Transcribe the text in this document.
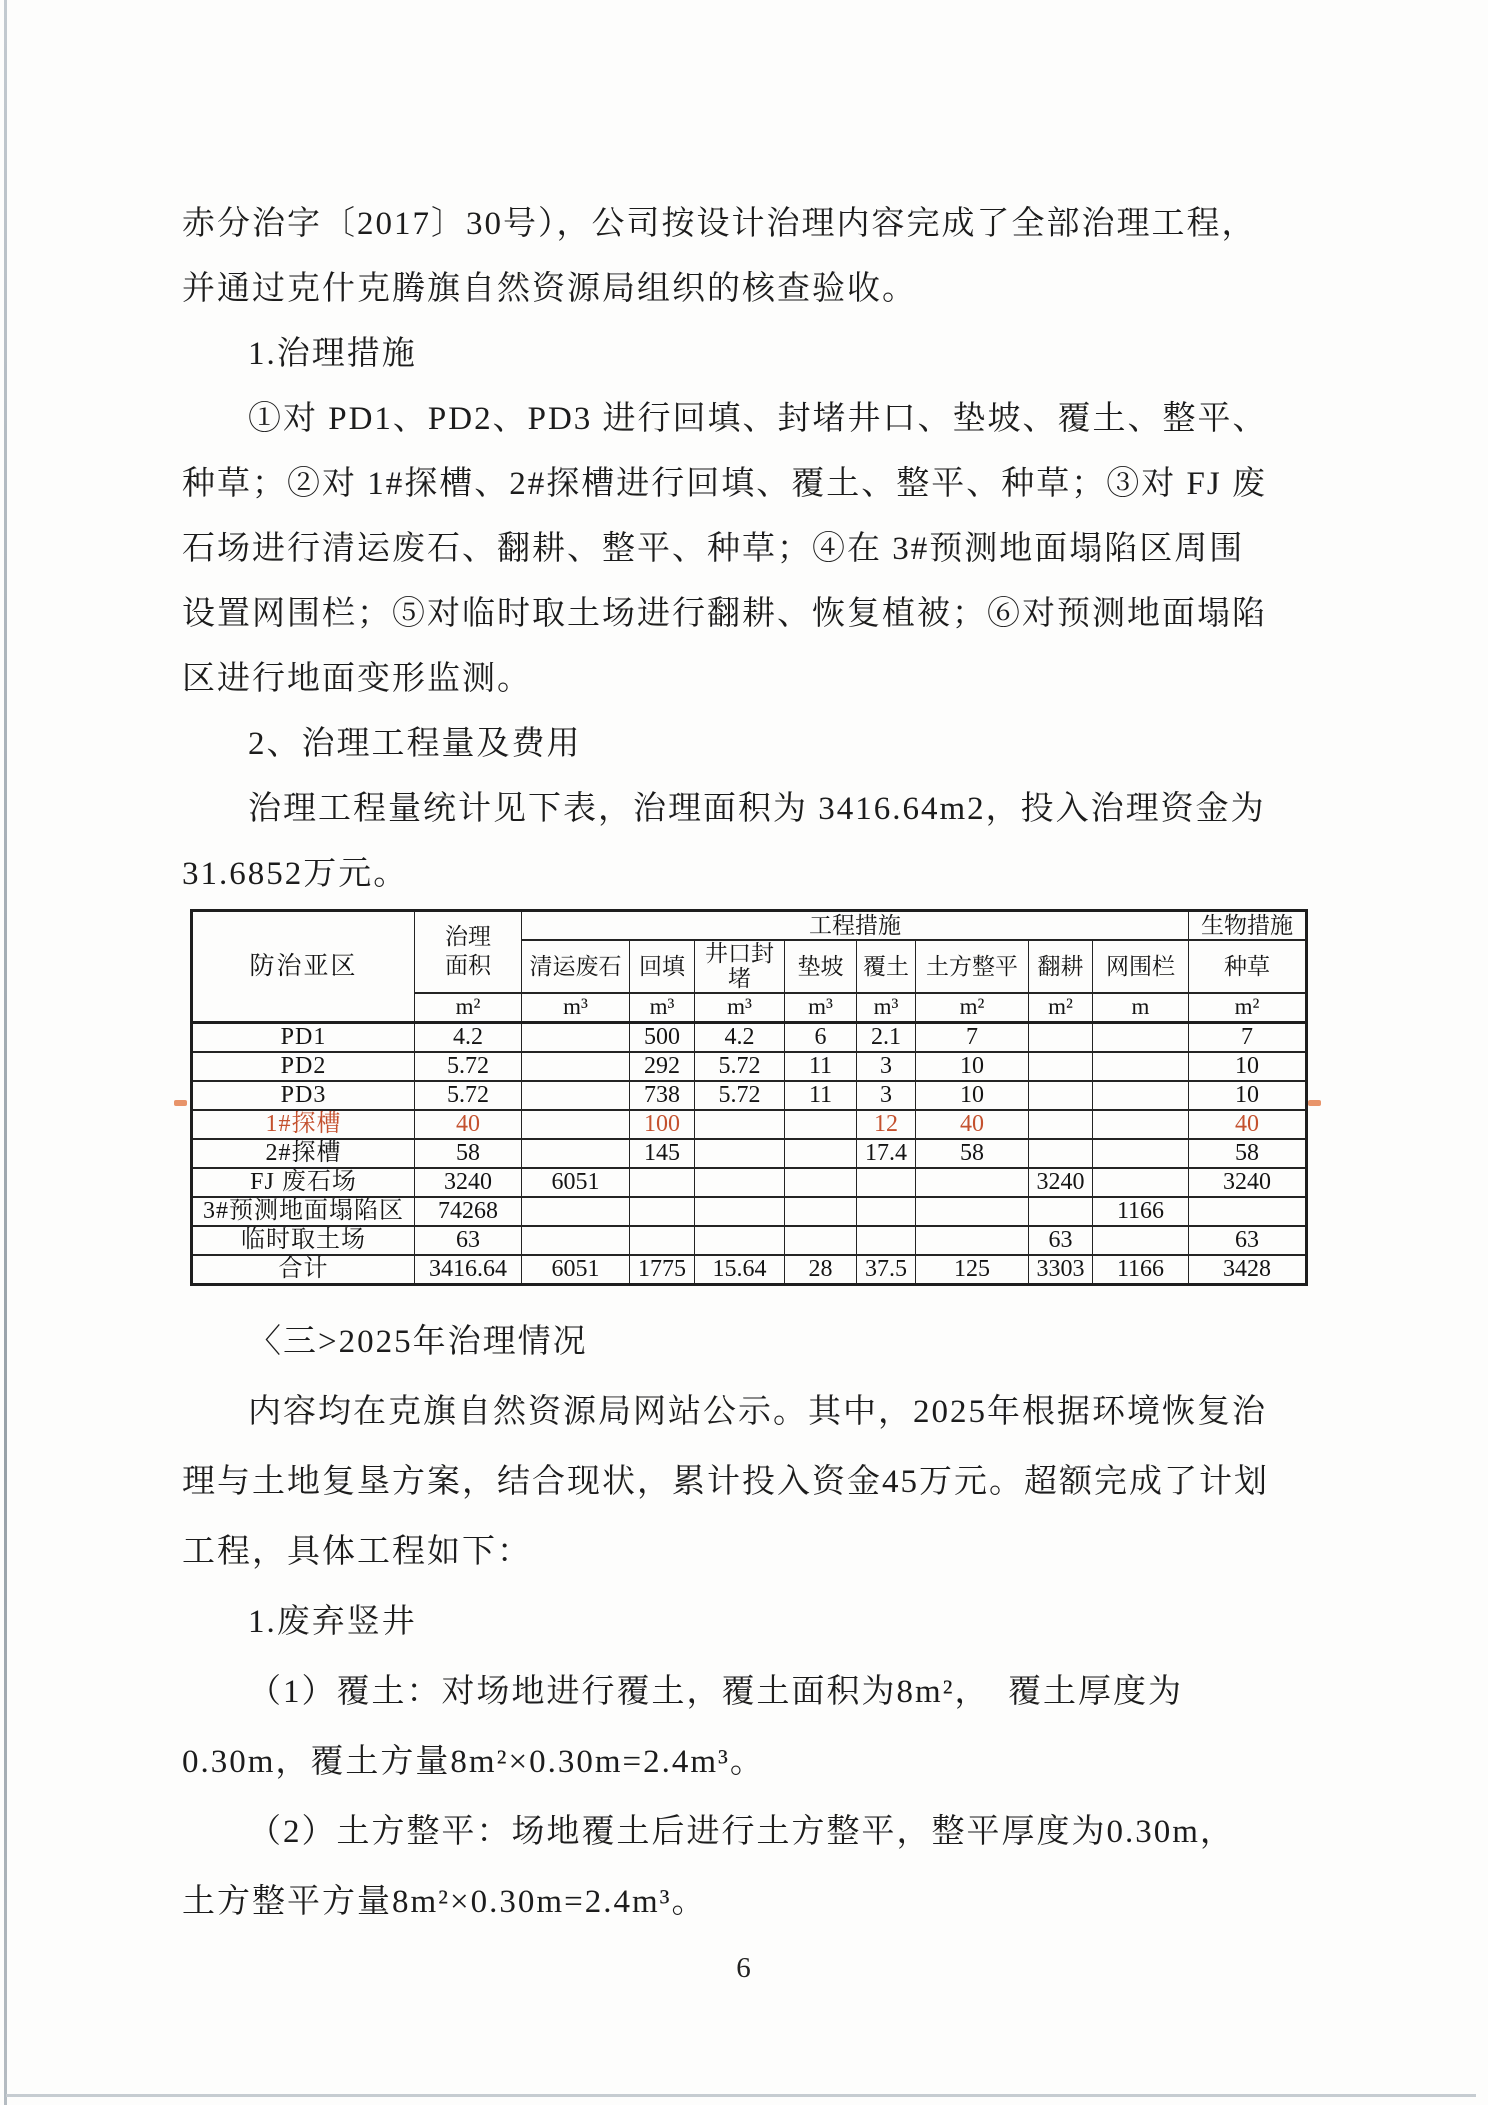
赤分治字〔2017〕30号），公司按设计治理内容完成了全部治理工程，
并通过克什克腾旗自然资源局组织的核查验收。
1.治理措施
①对 PD1、PD2、PD3 进行回填、封堵井口、垫坡、覆土、整平、
种草；②对 1#探槽、2#探槽进行回填、覆土、整平、种草；③对 FJ 废
石场进行清运废石、翻耕、整平、种草；④在 3#预测地面塌陷区周围
设置网围栏；⑤对临时取土场进行翻耕、恢复植被；⑥对预测地面塌陷
区进行地面变形监测。
2、治理工程量及费用
治理工程量统计见下表，治理面积为 3416.64m2，投入治理资金为
31.6852万元。
防治亚区	治理面积	工程措施								生物措施
		清运废石	回填	井口封堵	垫坡	覆土	土方整平	翻耕	网围栏	种草
	m²	m³	m³	m³	m³	m³	m²	m²	m	m²
PD1	4.2		500	4.2	6	2.1	7			7
PD2	5.72		292	5.72	11	3	10			10
PD3	5.72		738	5.72	11	3	10			10
1#探槽	40		100			12	40			40
2#探槽	58		145			17.4	58			58
FJ 废石场	3240	6051						3240		3240
3#预测地面塌陷区	74268								1166	
临时取土场	63							63		63
合计	3416.64	6051	1775	15.64	28	37.5	125	3303	1166	3428
〈三>2025年治理情况
内容均在克旗自然资源局网站公示。其中，2025年根据环境恢复治
理与土地复垦方案，结合现状，累计投入资金45万元。超额完成了计划
工程，具体工程如下：
1.废弃竖井
（1）覆土：对场地进行覆土，覆土面积为8m²，　覆土厚度为
0.30m，覆土方量8m²×0.30m=2.4m³。
（2）土方整平：场地覆土后进行土方整平，整平厚度为0.30m，
土方整平方量8m²×0.30m=2.4m³。
6
